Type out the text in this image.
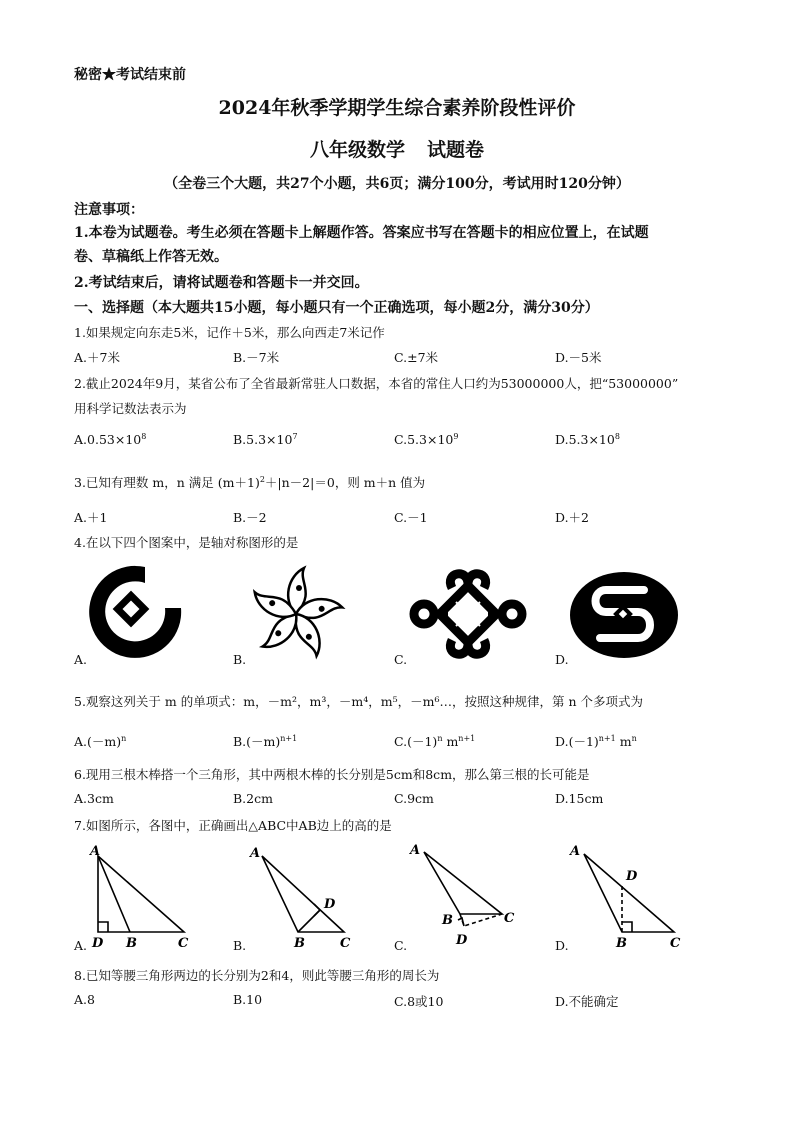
秘密★考试结束前
2024年秋季学期学生综合素养阶段性评价
八年级数学 试题卷
（全卷三个大题，共27个小题，共6页；满分100分，考试用时120分钟）
注意事项：
1.本卷为试题卷。考生必须在答题卡上解题作答。答案应书写在答题卡的相应位置上，在试题
卷、草稿纸上作答无效。
2.考试结束后，请将试题卷和答题卡一并交回。
一、选择题（本大题共15小题，每小题只有一个正确选项，每小题2分，满分30分）
1.如果规定向东走5米，记作＋5米，那么向西走7米记作
A.＋7米	B.－7米	C.±7米	D.－5米
2.截止2024年9月，某省公布了全省最新常驻人口数据，本省的常住人口约为53000000人，把“53000000”
用科学记数法表示为
$A.0.53\times 10^8$	$B.5.3\times 10^7$	$C.5.3\times 10^9$	$D.5.3\times 10^8$
3.已知有理数 m，n 满足 $(m+1)^2+|n-2|=0$，则 m＋n 值为
A.＋1	B.－2	C.－1	D.＋2
4.在以下四个图案中，是轴对称图形的是
A.	B.	C.	D.
5.观察这列关于 m 的单项式：m，－m²，m³，－m⁴，m⁵，－m⁶…，按照这种规律，第 n 个多项式为
$A.(-m)^n$	$B.(-m)^{n+1}$	$C.(-1)^n$ $m^{n+1}$	$D.(-1)^{n+1}$ $m^n$
6.现用三根木棒搭一个三角形，其中两根木棒的长分别是5cm和8cm，那么第三根的长可能是
A.3cm	B.2cm	C.9cm	D.15cm
7.如图所示，各图中，正确画出△ABC中AB边上的高的是
A
D B	C
A.
A
D
B	C
B.
A
B	C
D
C.
A
D
B	C
D.
8.已知等腰三角形两边的长分别为2和4，则此等腰三角形的周长为
A.8	B.10	C.8或10	D.不能确定
